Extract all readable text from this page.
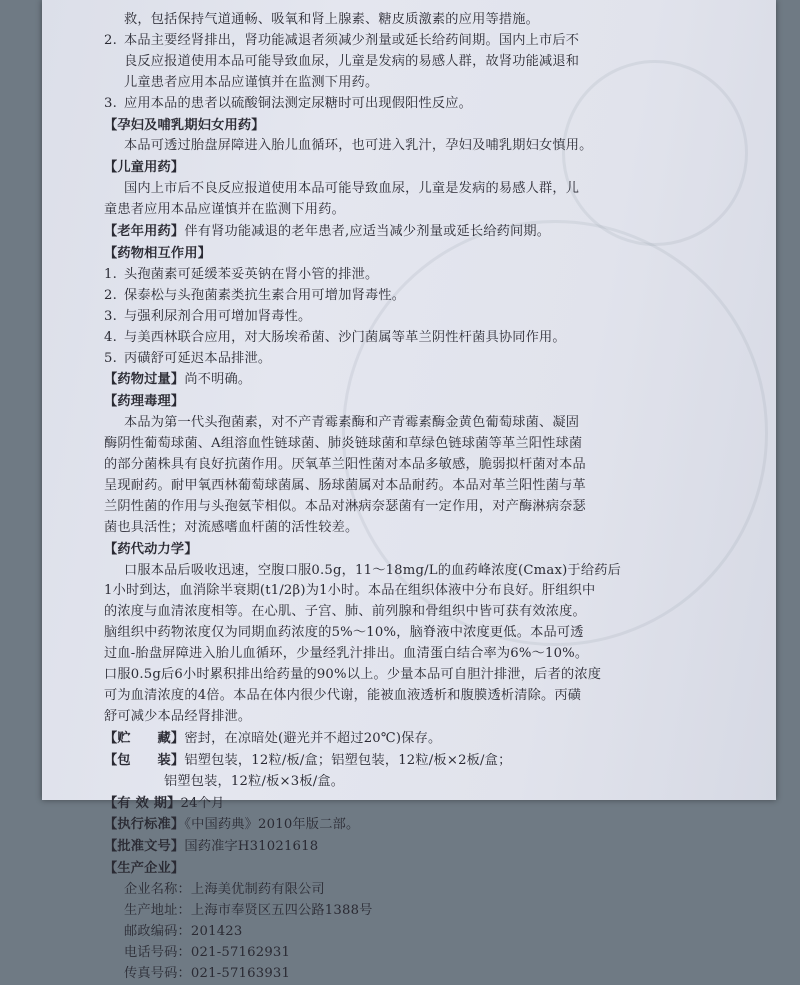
救，包括保持气道通畅、吸氧和肾上腺素、糖皮质激素的应用等措施。
2. 本品主要经肾排出，肾功能减退者须减少剂量或延长给药间期。国内上市后不
良反应报道使用本品可能导致血尿，儿童是发病的易感人群，故肾功能减退和
儿童患者应用本品应谨慎并在监测下用药。
3. 应用本品的患者以硫酸铜法测定尿糖时可出现假阳性反应。
【孕妇及哺乳期妇女用药】
本品可透过胎盘屏障进入胎儿血循环，也可进入乳汁，孕妇及哺乳期妇女慎用。
【儿童用药】
国内上市后不良反应报道使用本品可能导致血尿，儿童是发病的易感人群，儿
童患者应用本品应谨慎并在监测下用药。
【老年用药】伴有肾功能减退的老年患者,应适当减少剂量或延长给药间期。
【药物相互作用】
1. 头孢菌素可延缓苯妥英钠在肾小管的排泄。
2. 保泰松与头孢菌素类抗生素合用可增加肾毒性。
3. 与强利尿剂合用可增加肾毒性。
4. 与美西林联合应用，对大肠埃希菌、沙门菌属等革兰阴性杆菌具协同作用。
5. 丙磺舒可延迟本品排泄。
【药物过量】尚不明确。
【药理毒理】
本品为第一代头孢菌素，对不产青霉素酶和产青霉素酶金黄色葡萄球菌、凝固
酶阴性葡萄球菌、A组溶血性链球菌、肺炎链球菌和草绿色链球菌等革兰阳性球菌
的部分菌株具有良好抗菌作用。厌氧革兰阳性菌对本品多敏感，脆弱拟杆菌对本品
呈现耐药。耐甲氧西林葡萄球菌属、肠球菌属对本品耐药。本品对革兰阳性菌与革
兰阴性菌的作用与头孢氨苄相似。本品对淋病奈瑟菌有一定作用，对产酶淋病奈瑟
菌也具活性；对流感嗜血杆菌的活性较差。
【药代动力学】
口服本品后吸收迅速，空腹口服0.5g，11～18mg/L的血药峰浓度(Cmax)于给药后
1小时到达，血消除半衰期(t1/2β)为1小时。本品在组织体液中分布良好。肝组织中
的浓度与血清浓度相等。在心肌、子宫、肺、前列腺和骨组织中皆可获有效浓度。
脑组织中药物浓度仅为同期血药浓度的5%～10%，脑脊液中浓度更低。本品可透
过血-胎盘屏障进入胎儿血循环，少量经乳汁排出。血清蛋白结合率为6%～10%。
口服0.5g后6小时累积排出给药量的90%以上。少量本品可自胆汁排泄，后者的浓度
可为血清浓度的4倍。本品在体内很少代谢，能被血液透析和腹膜透析清除。丙磺
舒可减少本品经肾排泄。
【贮　　藏】密封，在凉暗处(避光并不超过20℃)保存。
【包　　装】铝塑包装，12粒/板/盒；铝塑包装，12粒/板×2板/盒；
铝塑包装，12粒/板×3板/盒。
【有 效 期】24个月
【执行标准】《中国药典》2010年版二部。
【批准文号】国药准字H31021618
【生产企业】
企业名称：上海美优制药有限公司
生产地址：上海市奉贤区五四公路1388号
邮政编码：201423
电话号码：021-57162931
传真号码：021-57163931
